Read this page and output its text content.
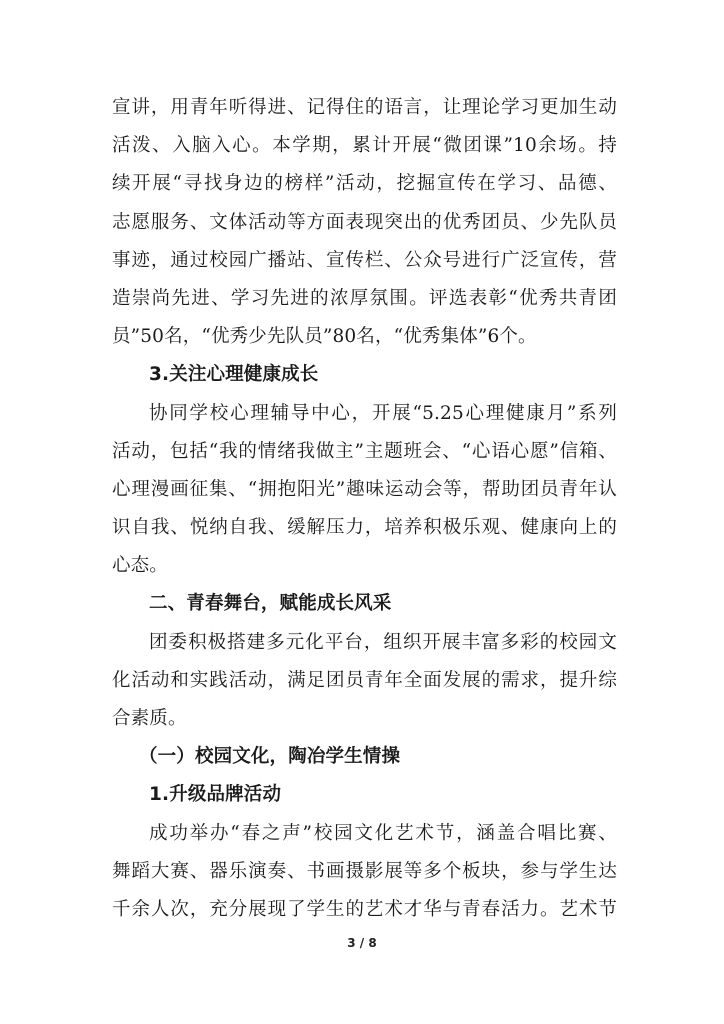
宣讲，用青年听得进、记得住的语言，让理论学习更加生动
活泼、入脑入心。本学期，累计开展“微团课”10余场。持
续开展“寻找身边的榜样”活动，挖掘宣传在学习、品德、
志愿服务、文体活动等方面表现突出的优秀团员、少先队员
事迹，通过校园广播站、宣传栏、公众号进行广泛宣传，营
造崇尚先进、学习先进的浓厚氛围。评选表彰“优秀共青团
员”50名，“优秀少先队员”80名，“优秀集体”6个。
3.关注心理健康成长
协同学校心理辅导中心，开展“5.25心理健康月”系列
活动，包括“我的情绪我做主”主题班会、“心语心愿”信箱、
心理漫画征集、“拥抱阳光”趣味运动会等，帮助团员青年认
识自我、悦纳自我、缓解压力，培养积极乐观、健康向上的
心态。
二、青春舞台，赋能成长风采
团委积极搭建多元化平台，组织开展丰富多彩的校园文
化活动和实践活动，满足团员青年全面发展的需求，提升综
合素质。
（一）校园文化，陶冶学生情操
1.升级品牌活动
成功举办“春之声”校园文化艺术节，涵盖合唱比赛、
舞蹈大赛、器乐演奏、书画摄影展等多个板块，参与学生达
千余人次，充分展现了学生的艺术才华与青春活力。艺术节
3 / 8
